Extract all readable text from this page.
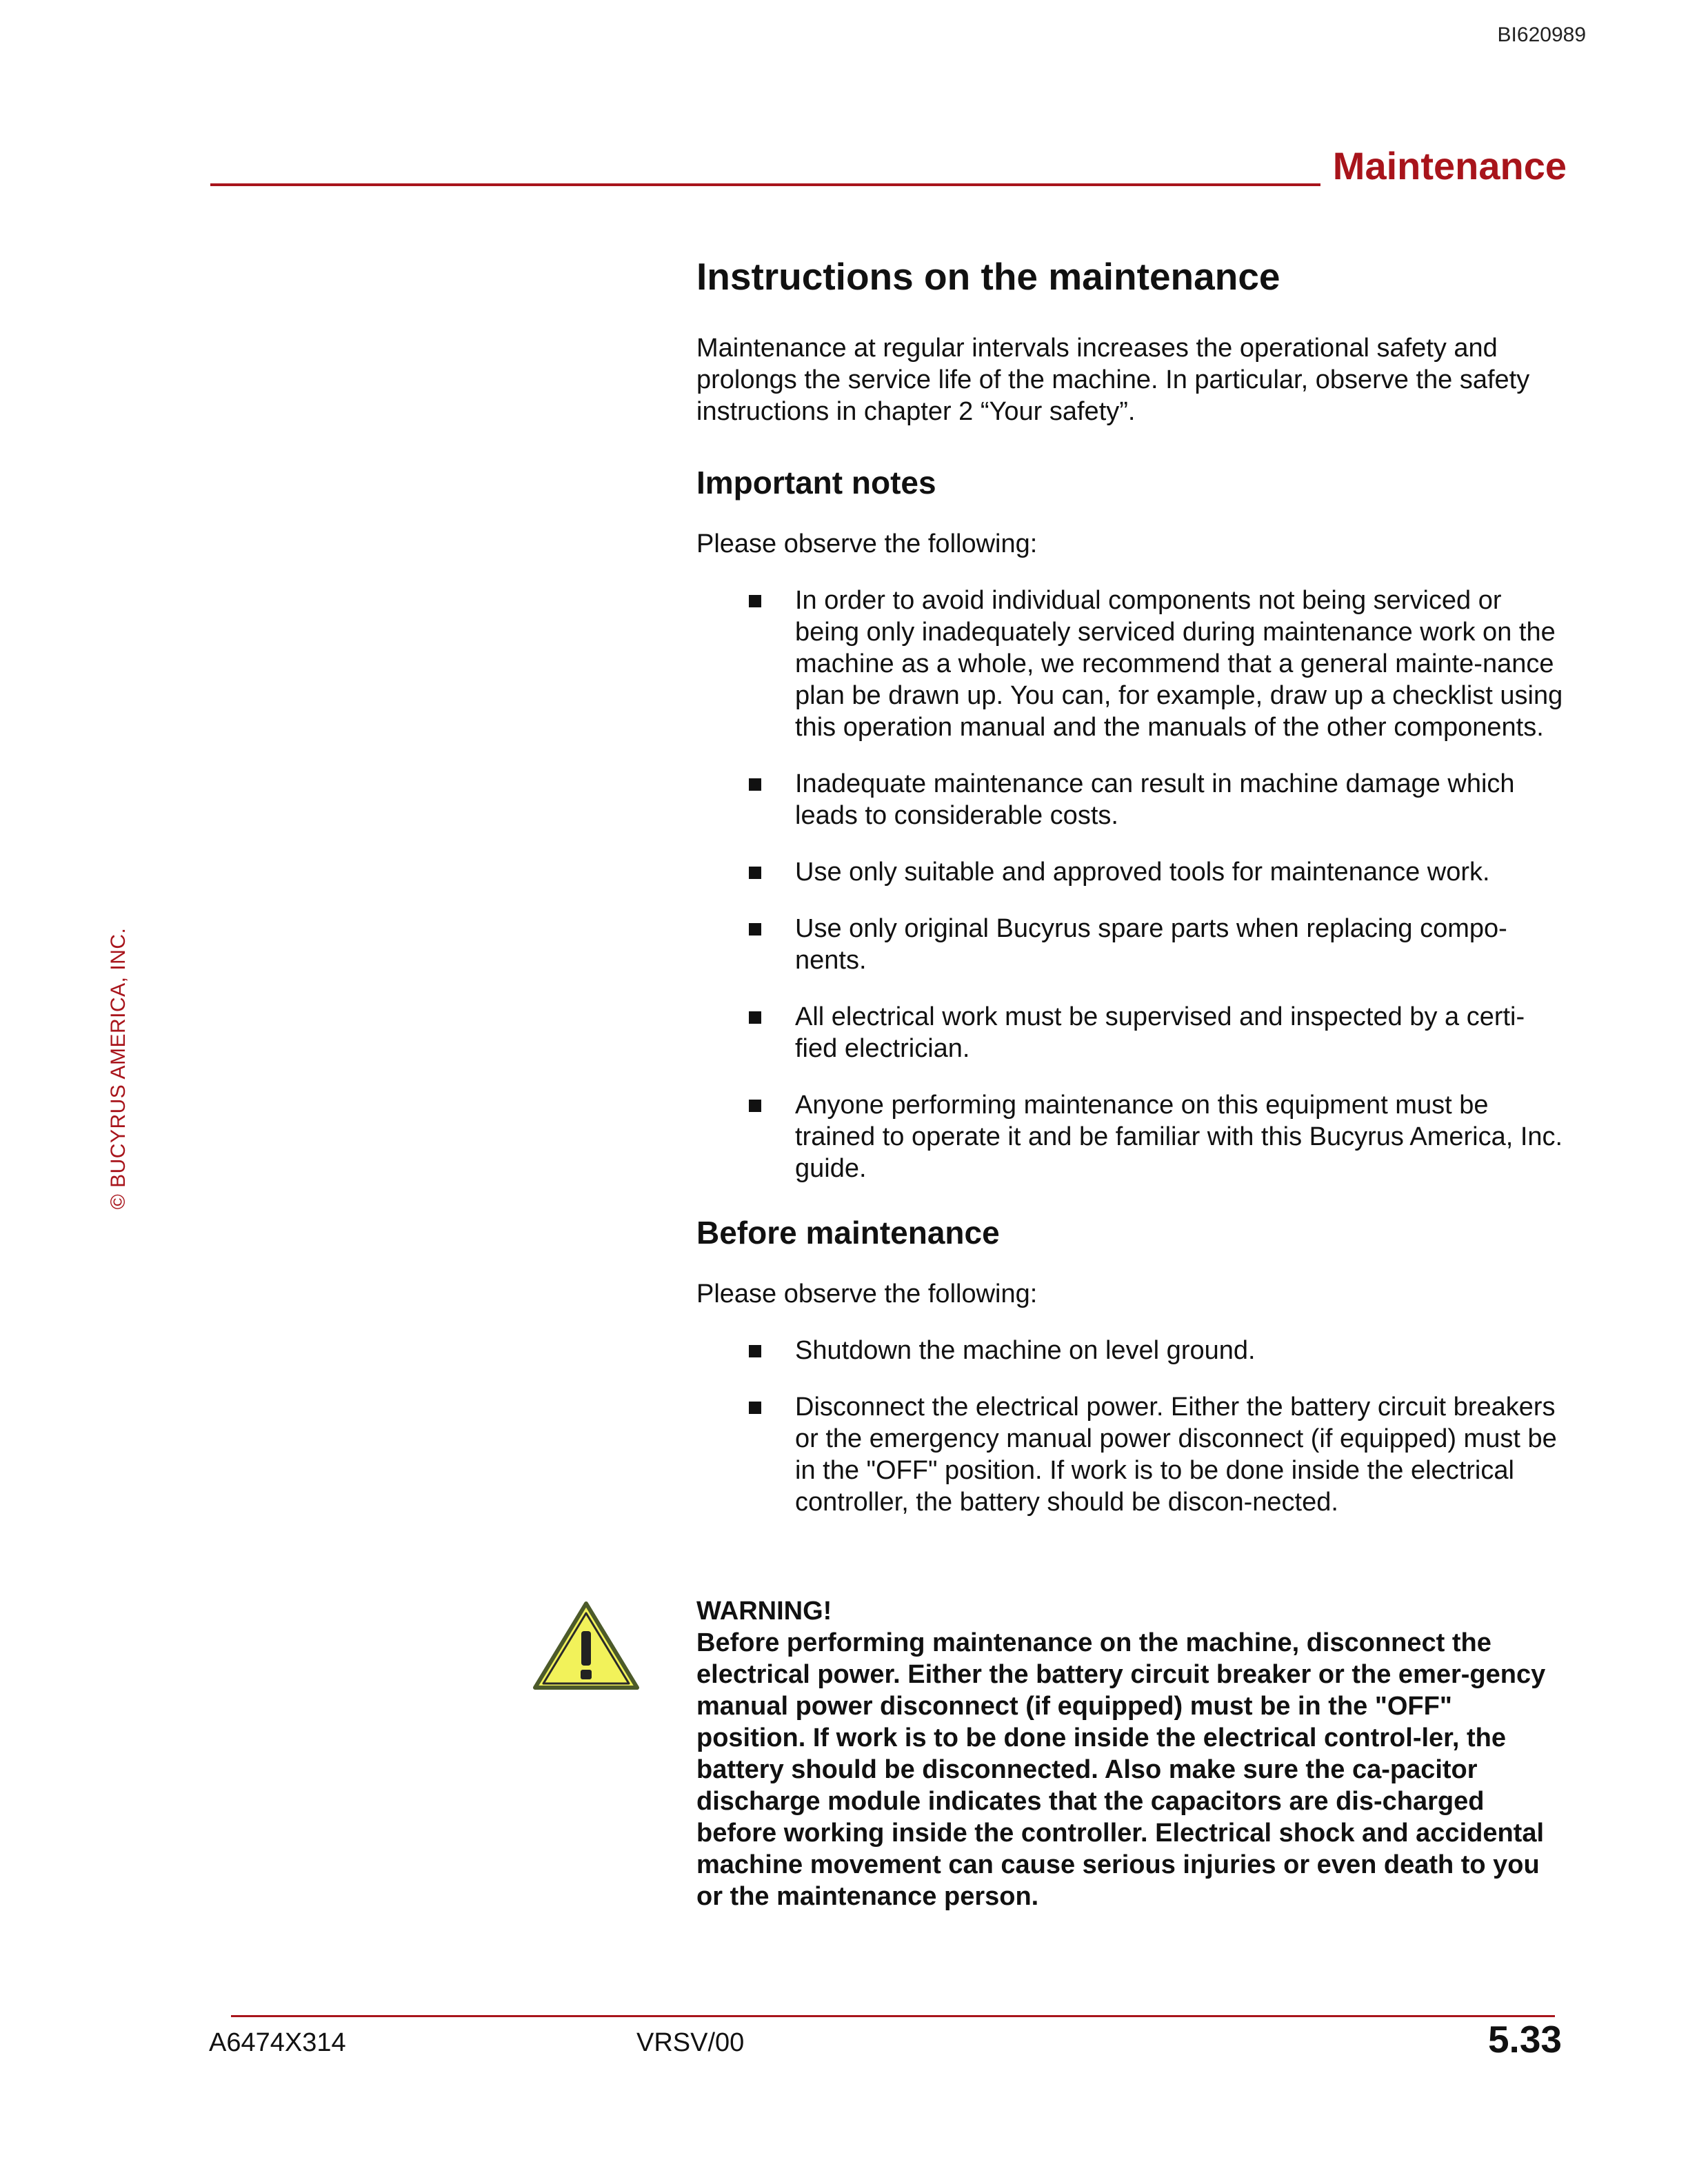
BI620989
Maintenance
© BUCYRUS AMERICA, INC.
Instructions on the maintenance

Maintenance at regular intervals increases the operational safety and prolongs the service life of the machine. In particular, observe the safety instructions in chapter 2 “Your safety”.

Important notes

Please observe the following:

In order to avoid individual components not being serviced or being only inadequately serviced during maintenance work on the machine as a whole, we recommend that a general mainte-nance plan be drawn up. You can, for example, draw up a checklist using this operation manual and the manuals of the other components.
Inadequate maintenance can result in machine damage which leads to considerable costs.
Use only suitable and approved tools for maintenance work.
Use only original Bucyrus spare parts when replacing compo-nents.
All electrical work must be supervised and inspected by a certi-fied electrician.
Anyone performing maintenance on this equipment must be trained to operate it and be familiar with this Bucyrus America, Inc. guide.
Before maintenance

Please observe the following:

Shutdown the machine on level ground.
Disconnect the electrical power. Either the battery circuit breakers or the emergency manual power disconnect (if equipped) must be in the "OFF" position. If work is to be done inside the electrical controller, the battery should be discon-nected.

WARNING!

Before performing maintenance on the machine, disconnect the electrical power. Either the battery circuit breaker or the emer-gency manual power disconnect (if equipped) must be in the "OFF" position. If work is to be done inside the electrical control-ler, the battery should be disconnected. Also make sure the ca-pacitor discharge module indicates that the capacitors are dis-charged before working inside the controller. Electrical shock and accidental machine movement can cause serious injuries or even death to you or the maintenance person.

A6474X314	VRSV/00	5.33
